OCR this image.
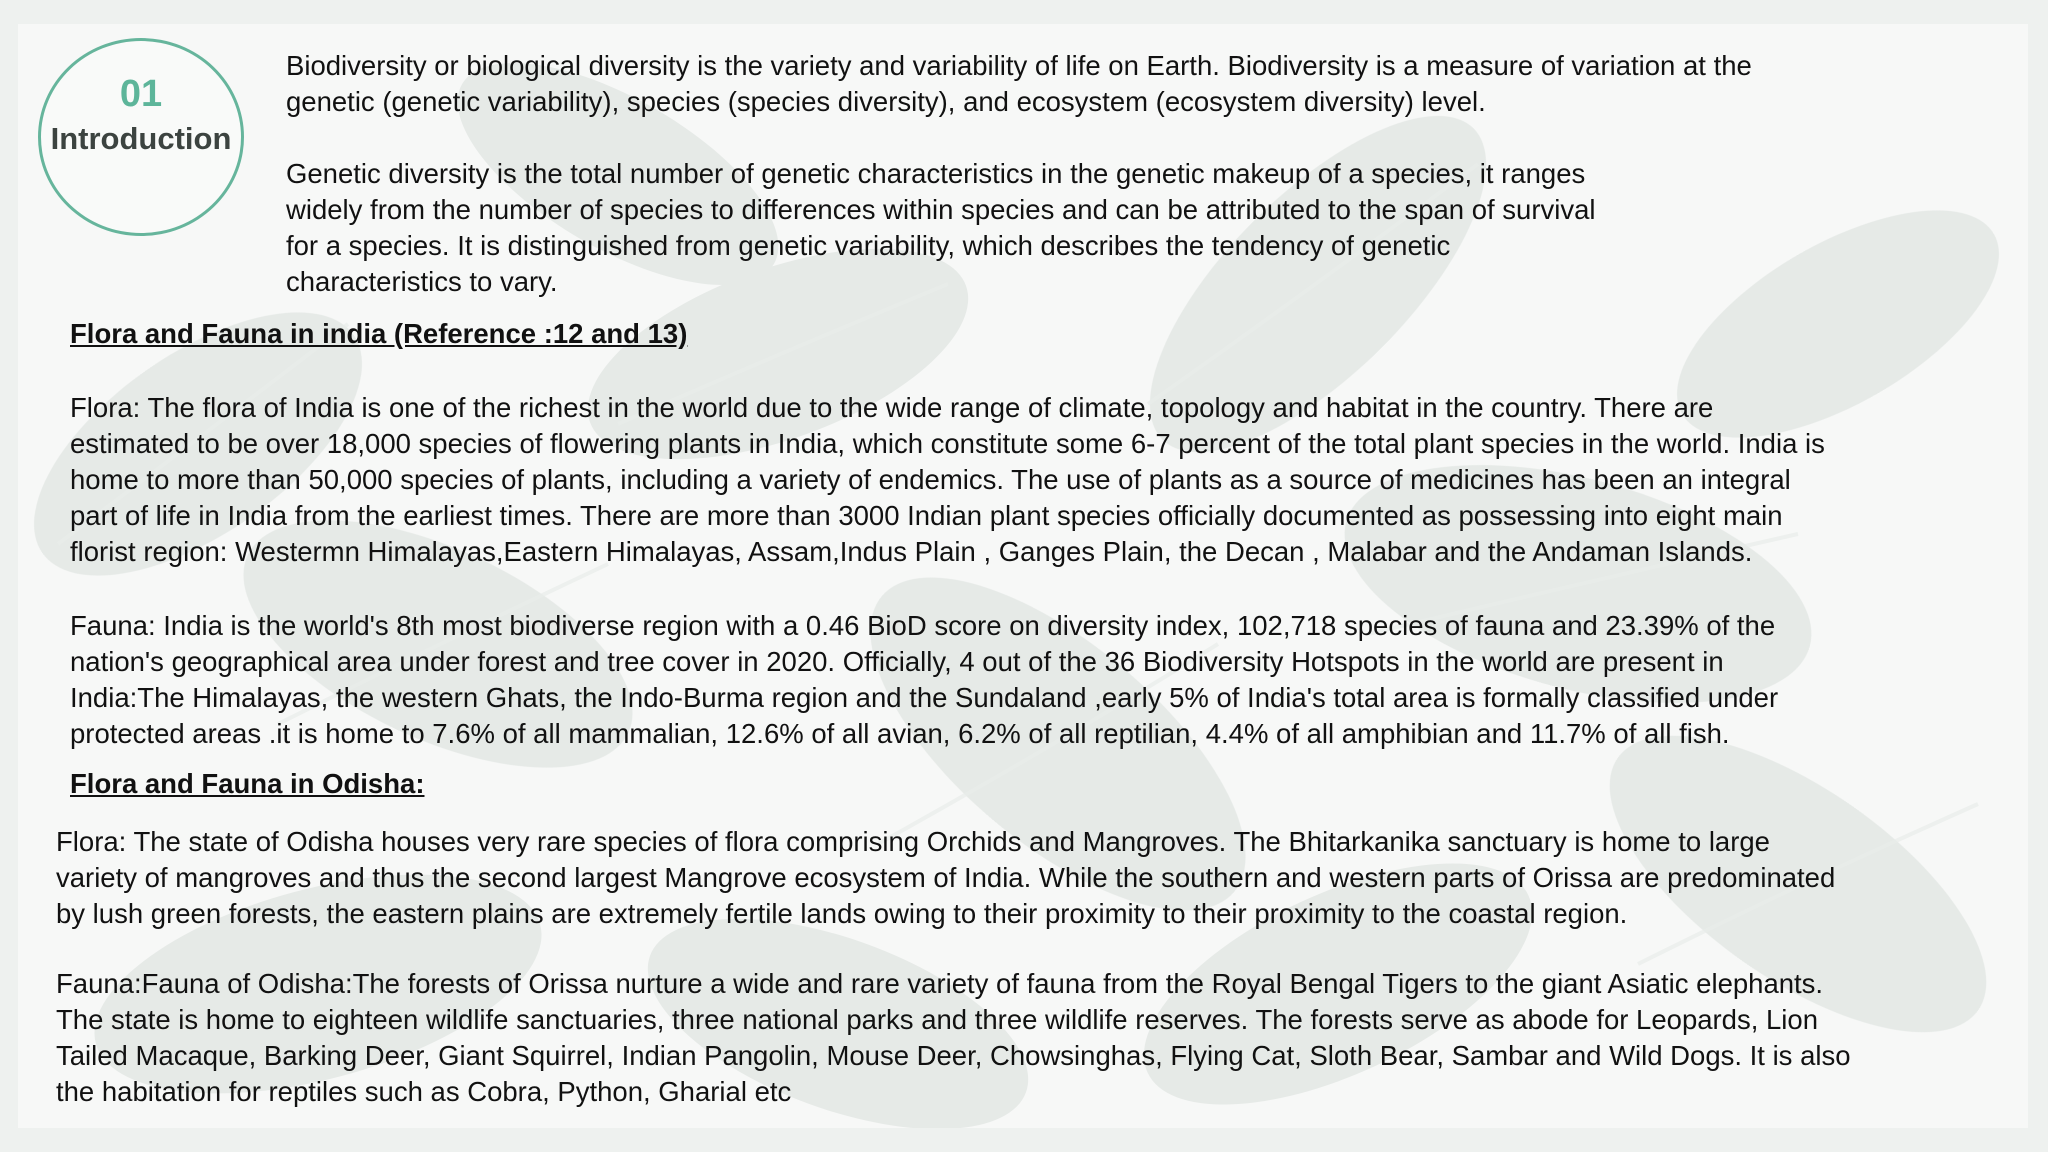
01
Introduction
Biodiversity or biological diversity is the variety and variability of life on Earth. Biodiversity is a measure of variation at the
genetic (genetic variability), species (species diversity), and ecosystem (ecosystem diversity) level.
Genetic diversity is the total number of genetic characteristics in the genetic makeup of a species, it ranges
widely from the number of species to differences within species and can be attributed to the span of survival
for a species. It is distinguished from genetic variability, which describes the tendency of genetic
characteristics to vary.
Flora and Fauna in india (Reference :12 and 13)
Flora: The flora of India is one of the richest in the world due to the wide range of climate, topology and habitat in the country. There are
estimated to be over 18,000 species of flowering plants in India, which constitute some 6-7 percent of the total plant species in the world. India is
home to more than 50,000 species of plants, including a variety of endemics. The use of plants as a source of medicines has been an integral
part of life in India from the earliest times. There are more than 3000 Indian plant species officially documented as possessing into eight main
florist region: Westermn Himalayas,Eastern Himalayas, Assam,Indus Plain , Ganges Plain, the Decan , Malabar and the Andaman Islands.
Fauna: India is the world's 8th most biodiverse region with a 0.46 BioD score on diversity index, 102,718 species of fauna and 23.39% of the
nation's geographical area under forest and tree cover in 2020. Officially, 4 out of the 36 Biodiversity Hotspots in the world are present in
India:The Himalayas, the western Ghats, the Indo-Burma region and the Sundaland ,early 5% of India's total area is formally classified under
protected areas .it is home to 7.6% of all mammalian, 12.6% of all avian, 6.2% of all reptilian, 4.4% of all amphibian and 11.7% of all fish.
Flora and Fauna in Odisha:
Flora: The state of Odisha houses very rare species of flora comprising Orchids and Mangroves. The Bhitarkanika sanctuary is home to large
variety of mangroves and thus the second largest Mangrove ecosystem of India. While the southern and western parts of Orissa are predominated
by lush green forests, the eastern plains are extremely fertile lands owing to their proximity to their proximity to the coastal region.
Fauna:Fauna of Odisha:The forests of Orissa nurture a wide and rare variety of fauna from the Royal Bengal Tigers to the giant Asiatic elephants.
The state is home to eighteen wildlife sanctuaries, three national parks and three wildlife reserves. The forests serve as abode for Leopards, Lion
Tailed Macaque, Barking Deer, Giant Squirrel, Indian Pangolin, Mouse Deer, Chowsinghas, Flying Cat, Sloth Bear, Sambar and Wild Dogs. It is also
the habitation for reptiles such as Cobra, Python, Gharial etc
